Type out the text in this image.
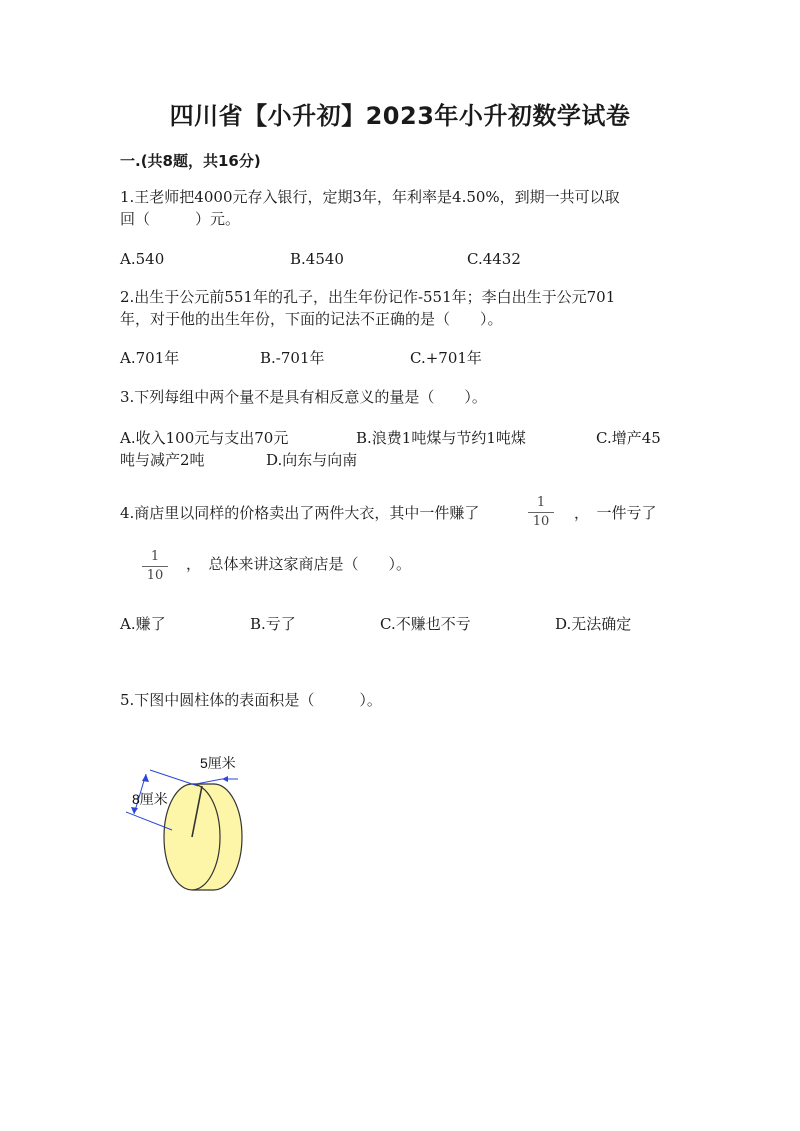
四川省【小升初】2023年小升初数学试卷
一.(共8题，共16分)
1.王老师把4000元存入银行，定期3年，年利率是4.50%，到期一共可以取
回（　　　）元。
A.540	B.4540	C.4432
2.出生于公元前551年的孔子，出生年份记作-551年；李白出生于公元701
年，对于他的出生年份，下面的记法不正确的是（　　）。
A.701年	B.-701年	C.+701年
3.下列每组中两个量不是具有相反意义的量是（　　）。
A.收入100元与支出70元	B.浪费1吨煤与节约1吨煤	C.增产45
吨与减产2吨	D.向东与向南
4.商店里以同样的价格卖出了两件大衣，其中一件赚了
1
10	，　一件亏了
1
10
，　总体来讲这家商店是（　　）。
A.赚了	B.亏了	C.不赚也不亏	D.无法确定
5.下图中圆柱体的表面积是（　　　）。
5厘米
8厘米
